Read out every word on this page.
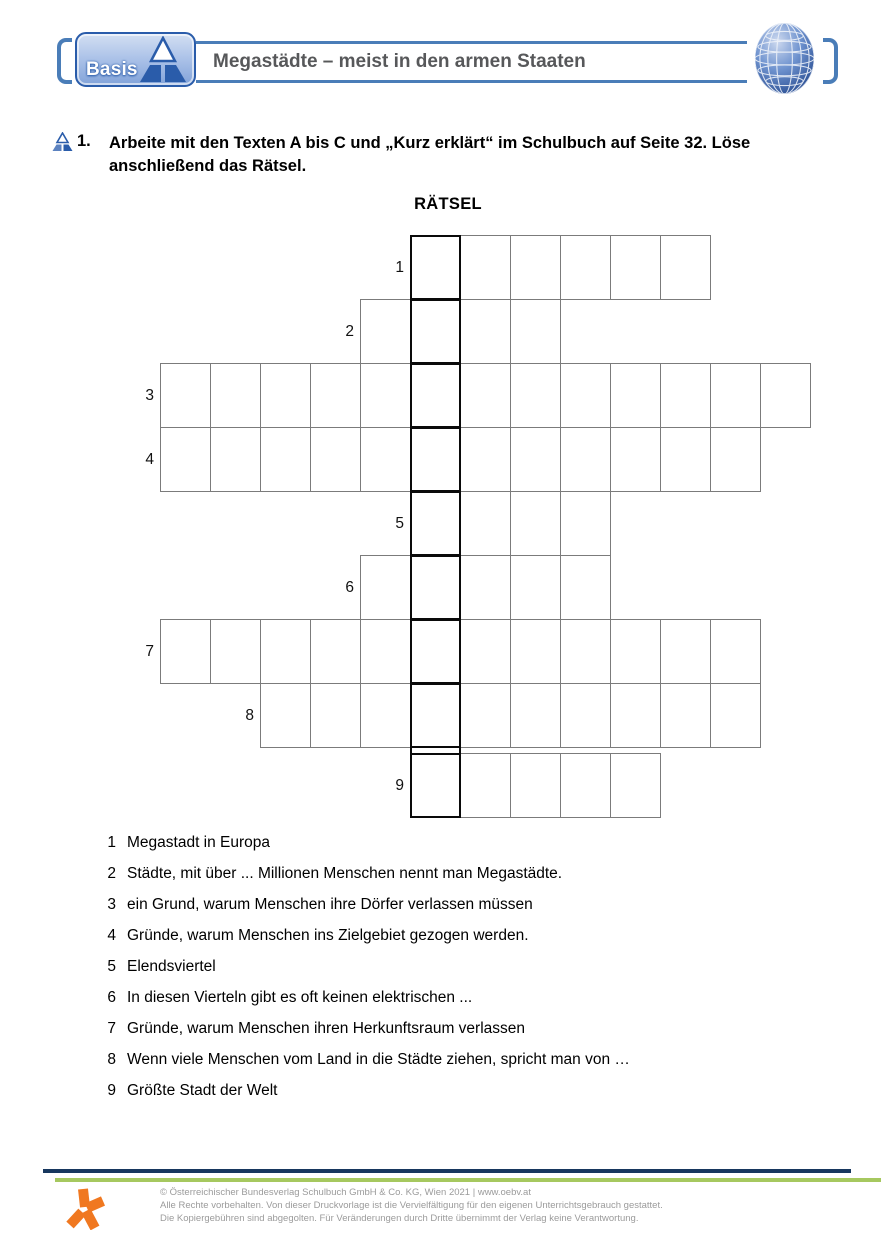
Basis	Megastädte – meist in den armen Staaten
1. Arbeite mit den Texten A bis C und „Kurz erklärt“ im Schulbuch auf Seite 32. Löse
anschließend das Rätsel.
RÄTSEL
1
2
3
4
5
6
7
8
9
1 Megastadt in Europa
2 Städte, mit über ... Millionen Menschen nennt man Megastädte.
3 ein Grund, warum Menschen ihre Dörfer verlassen müssen
4 Gründe, warum Menschen ins Zielgebiet gezogen werden.
5 Elendsviertel
6 In diesen Vierteln gibt es oft keinen elektrischen ...
7 Gründe, warum Menschen ihren Herkunftsraum verlassen
8 Wenn viele Menschen vom Land in die Städte ziehen, spricht man von …
9 Größte Stadt der Welt
© Österreichischer Bundesverlag Schulbuch GmbH & Co. KG, Wien 2021 | www.oebv.at
Alle Rechte vorbehalten. Von dieser Druckvorlage ist die Vervielfältigung für den eigenen Unterrichtsgebrauch gestattet.
Die Kopiergebühren sind abgegolten. Für Veränderungen durch Dritte übernimmt der Verlag keine Verantwortung.
